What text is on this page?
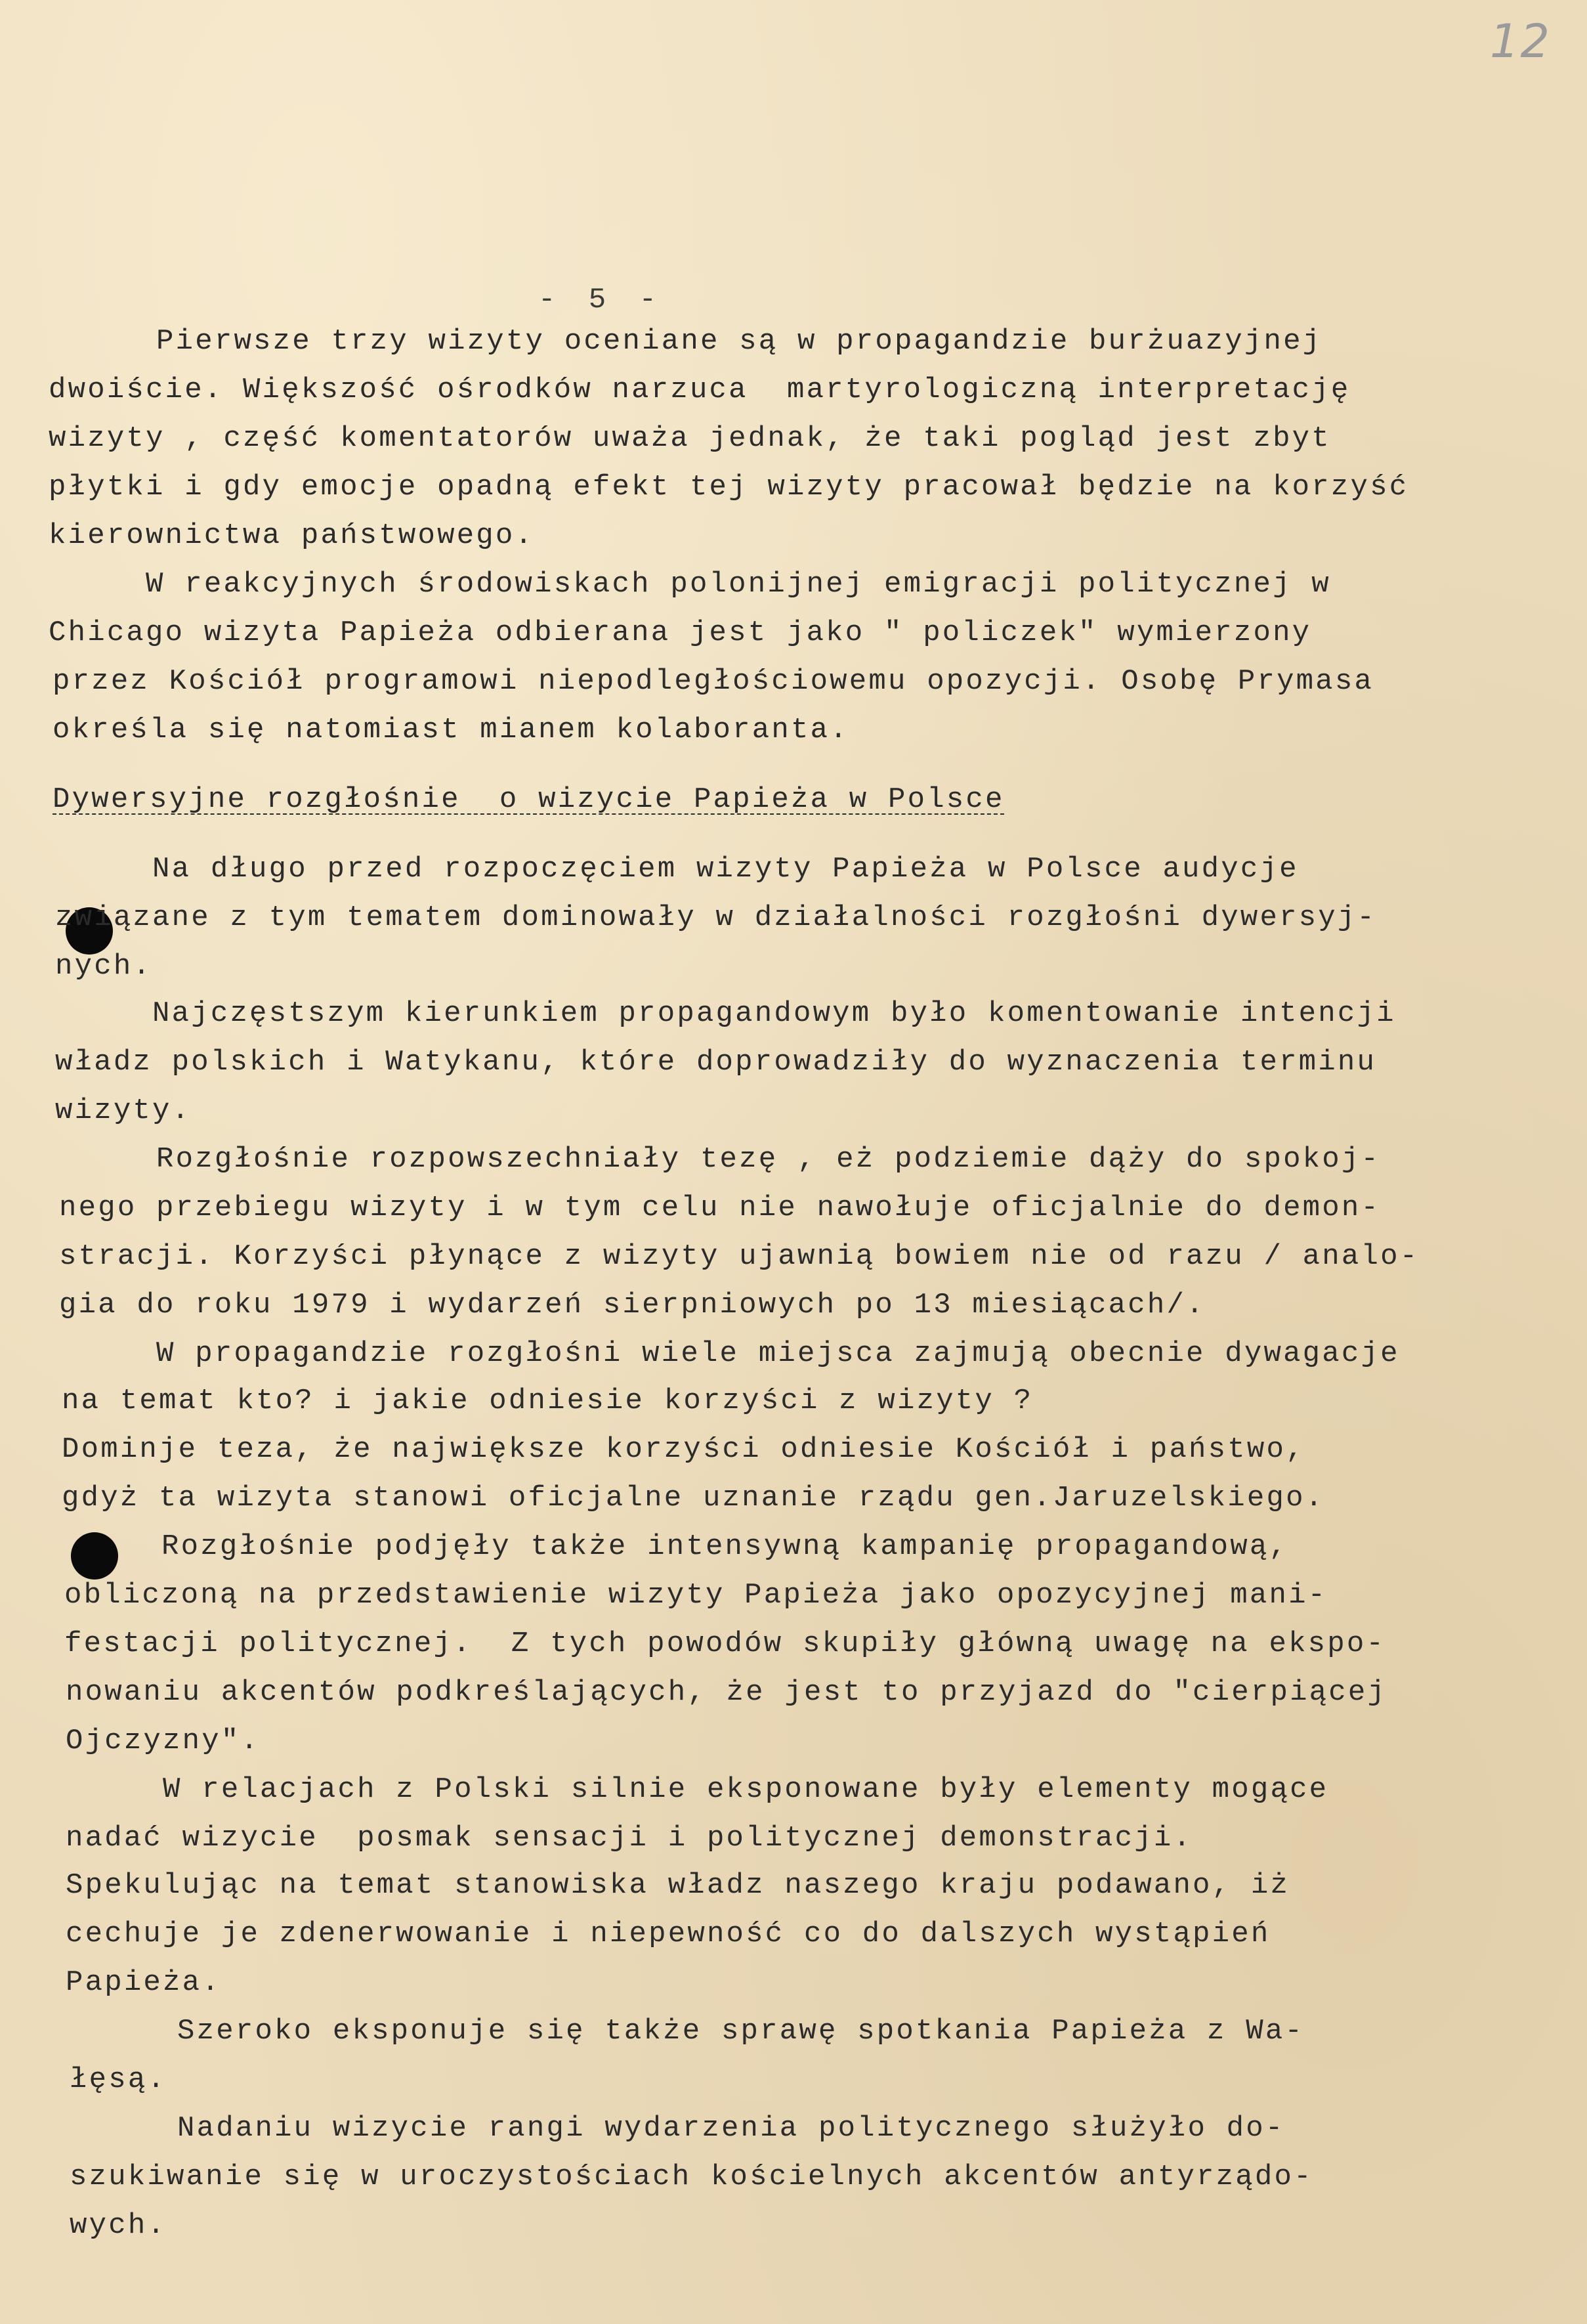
12
- 5 -
Pierwsze trzy wizyty oceniane są w propagandzie burżuazyjnej
dwoiście. Większość ośrodków narzuca  martyrologiczną interpretację
wizyty , część komentatorów uważa jednak, że taki pogląd jest zbyt
płytki i gdy emocje opadną efekt tej wizyty pracował będzie na korzyść
kierownictwa państwowego.
W reakcyjnych środowiskach polonijnej emigracji politycznej w
Chicago wizyta Papieża odbierana jest jako " policzek" wymierzony
przez Kościół programowi niepodległościowemu opozycji. Osobę Prymasa
określa się natomiast mianem kolaboranta.
Dywersyjne rozgłośnie  o wizycie Papieża w Polsce
Na długo przed rozpoczęciem wizyty Papieża w Polsce audycje
związane z tym tematem dominowały w działalności rozgłośni dywersyj-
nych.
Najczęstszym kierunkiem propagandowym było komentowanie intencji
władz polskich i Watykanu, które doprowadziły do wyznaczenia terminu
wizyty.
Rozgłośnie rozpowszechniały tezę , eż podziemie dąży do spokoj-
nego przebiegu wizyty i w tym celu nie nawołuje oficjalnie do demon-
stracji. Korzyści płynące z wizyty ujawnią bowiem nie od razu / analo-
gia do roku 1979 i wydarzeń sierpniowych po 13 miesiącach/.
W propagandzie rozgłośni wiele miejsca zajmują obecnie dywagacje
na temat kto? i jakie odniesie korzyści z wizyty ?
Dominje teza, że największe korzyści odniesie Kościół i państwo,
gdyż ta wizyta stanowi oficjalne uznanie rządu gen.Jaruzelskiego.
Rozgłośnie podjęły także intensywną kampanię propagandową,
obliczoną na przedstawienie wizyty Papieża jako opozycyjnej mani-
festacji politycznej.  Z tych powodów skupiły główną uwagę na ekspo-
nowaniu akcentów podkreślających, że jest to przyjazd do "cierpiącej
Ojczyzny".
W relacjach z Polski silnie eksponowane były elementy mogące
nadać wizycie  posmak sensacji i politycznej demonstracji.
Spekulując na temat stanowiska władz naszego kraju podawano, iż
cechuje je zdenerwowanie i niepewność co do dalszych wystąpień
Papieża.
Szeroko eksponuje się także sprawę spotkania Papieża z Wa-
łęsą.
Nadaniu wizycie rangi wydarzenia politycznego służyło do-
szukiwanie się w uroczystościach kościelnych akcentów antyrządo-
wych.
